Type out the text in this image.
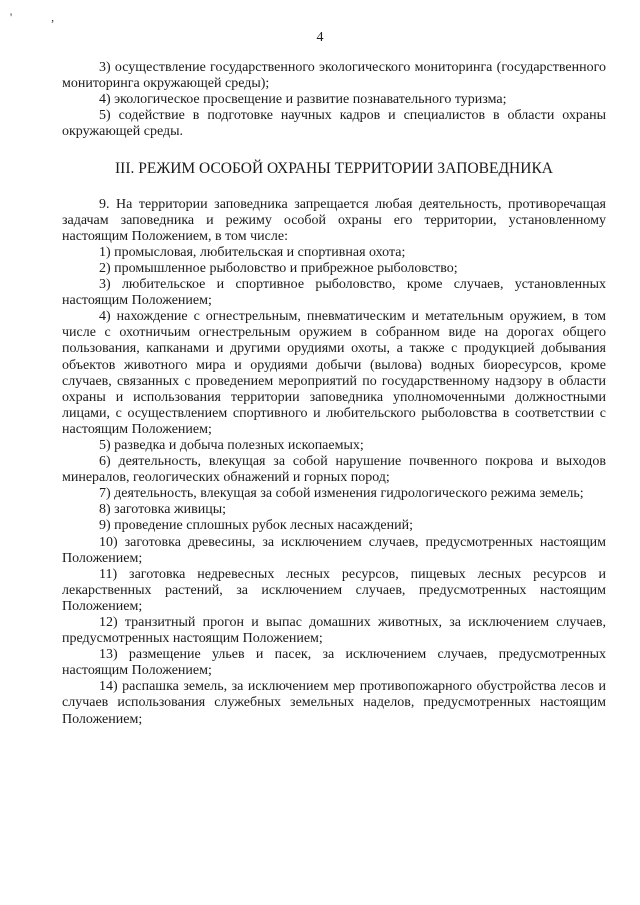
' ,
4

3) осуществление государственного экологического мониторинга (государственного мониторинга окружающей среды);

4) экологическое просвещение и развитие познавательного туризма;

5) содействие в подготовке научных кадров и специалистов в области охраны окружающей среды.

III. РЕЖИМ ОСОБОЙ ОХРАНЫ ТЕРРИТОРИИ ЗАПОВЕДНИКА

9. На территории заповедника запрещается любая деятельность, противоречащая задачам заповедника и режиму особой охраны его территории, установленному настоящим Положением, в том числе:

1) промысловая, любительская и спортивная охота;

2) промышленное рыболовство и прибрежное рыболовство;

3) любительское и спортивное рыболовство, кроме случаев, установленных настоящим Положением;

4) нахождение с огнестрельным, пневматическим и метательным оружием, в том числе с охотничьим огнестрельным оружием в собранном виде на дорогах общего пользования, капканами и другими орудиями охоты, а также с продукцией добывания объектов животного мира и орудиями добычи (вылова) водных биоресурсов, кроме случаев, связанных с проведением мероприятий по государственному надзору в области охраны и использования территории заповедника уполномоченными должностными лицами, с осуществлением спортивного и любительского рыболовства в соответствии с настоящим Положением;

5) разведка и добыча полезных ископаемых;

6) деятельность, влекущая за собой нарушение почвенного покрова и выходов минералов, геологических обнажений и горных пород;

7) деятельность, влекущая за собой изменения гидрологического режима земель;

8) заготовка живицы;

9) проведение сплошных рубок лесных насаждений;

10) заготовка древесины, за исключением случаев, предусмотренных настоящим Положением;

11) заготовка недревесных лесных ресурсов, пищевых лесных ресурсов и лекарственных растений, за исключением случаев, предусмотренных настоящим Положением;

12) транзитный прогон и выпас домашних животных, за исключением случаев, предусмотренных настоящим Положением;

13) размещение ульев и пасек, за исключением случаев, предусмотренных настоящим Положением;

14) распашка земель, за исключением мер противопожарного обустройства лесов и случаев использования служебных земельных наделов, предусмотренных настоящим Положением;
